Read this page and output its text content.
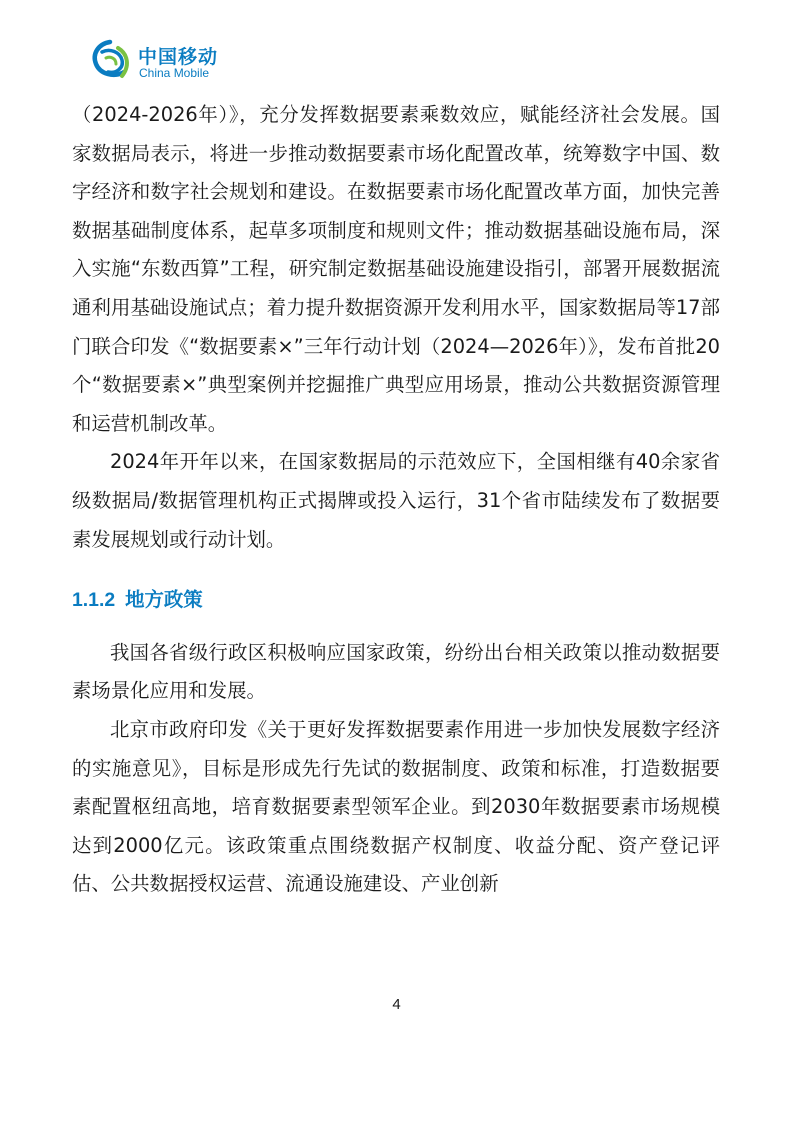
中国移动
China Mobile

（2024-2026年）》，充分发挥数据要素乘数效应，赋能经济社会发展。国家数据局表示，将进一步推动数据要素市场化配置改革，统筹数字中国、数字经济和数字社会规划和建设。在数据要素市场化配置改革方面，加快完善数据基础制度体系，起草多项制度和规则文件；推动数据基础设施布局，深入实施“东数西算”工程，研究制定数据基础设施建设指引，部署开展数据流通利用基础设施试点；着力提升数据资源开发利用水平，国家数据局等17部门联合印发《“数据要素×”三年行动计划（2024—2026年）》，发布首批20个“数据要素×”典型案例并挖掘推广典型应用场景，推动公共数据资源管理和运营机制改革。

2024年开年以来，在国家数据局的示范效应下，全国相继有40余家省级数据局/数据管理机构正式揭牌或投入运行，31个省市陆续发布了数据要素发展规划或行动计划。

1.1.2 地方政策

我国各省级行政区积极响应国家政策，纷纷出台相关政策以推动数据要素场景化应用和发展。

北京市政府印发《关于更好发挥数据要素作用进一步加快发展数字经济的实施意见》，目标是形成先行先试的数据制度、政策和标准，打造数据要素配置枢纽高地，培育数据要素型领军企业。到2030年数据要素市场规模达到2000亿元。该政策重点围绕数据产权制度、收益分配、资产登记评估、公共数据授权运营、流通设施建设、产业创新

4
